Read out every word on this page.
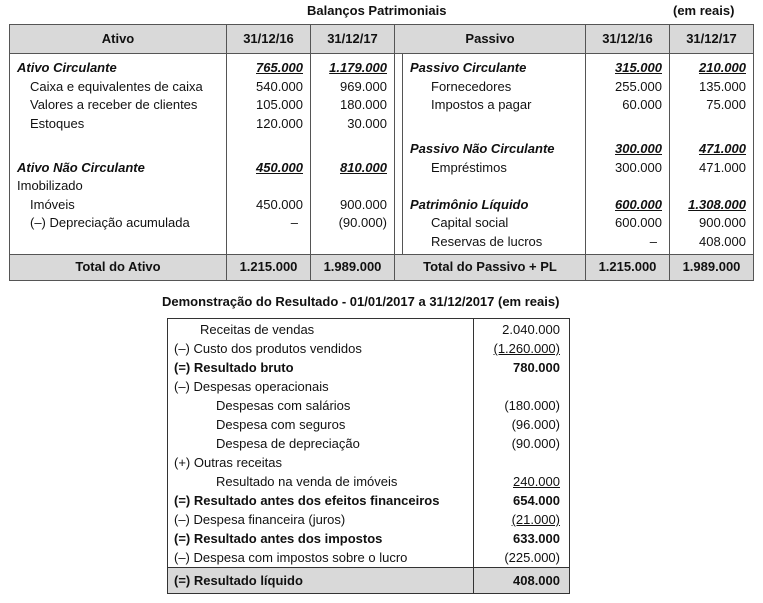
Balanços Patrimoniais	(em reais)
Ativo	31/12/16	31/12/17	Passivo		31/12/16	31/12/17
Ativo Circulante	765.000	1.179.000		Passivo Circulante	315.000	210.000
Caixa e equivalentes de caixa	540.000	969.000		Fornecedores	255.000	135.000
Valores a receber de clientes	105.000	180.000		Impostos a pagar	60.000	75.000
Estoques	120.000	30.000				
				Passivo Não Circulante	300.000	471.000
Ativo Não Circulante	450.000	810.000		Empréstimos	300.000	471.000
Imobilizado						
Imóveis	450.000	900.000		Patrimônio Líquido	600.000	1.308.000
(–) Depreciação acumulada	–	(90.000)		Capital social	600.000	900.000
				Reservas de lucros	–	408.000
Total do Ativo	1.215.000	1.989.000	Total do Passivo + PL		1.215.000	1.989.000
Demonstração do Resultado - 01/01/2017 a 31/12/2017 (em reais)
Receitas de vendas	2.040.000
(–) Custo dos produtos vendidos	(1.260.000)
(=) Resultado bruto	780.000
(–) Despesas operacionais	
Despesas com salários	(180.000)
Despesa com seguros	(96.000)
Despesa de depreciação	(90.000)
(+) Outras receitas	
Resultado na venda de imóveis	240.000
(=) Resultado antes dos efeitos financeiros	654.000
(–) Despesa financeira (juros)	(21.000)
(=) Resultado antes dos impostos	633.000
(–) Despesa com impostos sobre o lucro	(225.000)
(=) Resultado líquido	408.000
